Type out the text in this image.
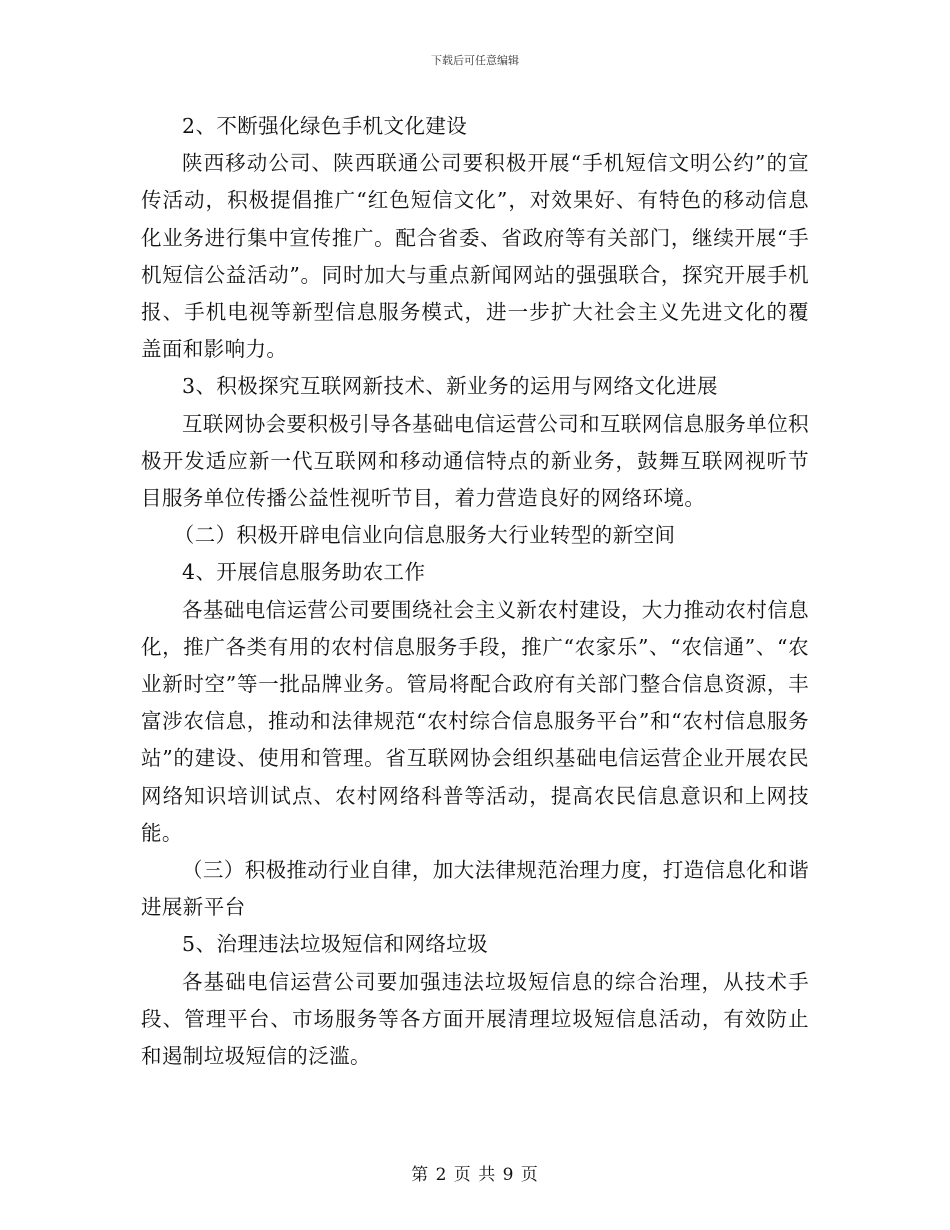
下载后可任意编辑

2、不断强化绿色手机文化建设

陕西移动公司、陕西联通公司要积极开展“手机短信文明公约”的宣传活动，积极提倡推广“红色短信文化”，对效果好、有特色的移动信息化业务进行集中宣传推广。配合省委、省政府等有关部门，继续开展“手机短信公益活动”。同时加大与重点新闻网站的强强联合，探究开展手机报、手机电视等新型信息服务模式，进一步扩大社会主义先进文化的覆盖面和影响力。

3、积极探究互联网新技术、新业务的运用与网络文化进展

互联网协会要积极引导各基础电信运营公司和互联网信息服务单位积极开发适应新一代互联网和移动通信特点的新业务，鼓舞互联网视听节目服务单位传播公益性视听节目，着力营造良好的网络环境。

（二）积极开辟电信业向信息服务大行业转型的新空间

4、开展信息服务助农工作

各基础电信运营公司要围绕社会主义新农村建设，大力推动农村信息化，推广各类有用的农村信息服务手段，推广“农家乐”、“农信通”、“农业新时空”等一批品牌业务。管局将配合政府有关部门整合信息资源，丰富涉农信息，推动和法律规范“农村综合信息服务平台”和“农村信息服务站”的建设、使用和管理。省互联网协会组织基础电信运营企业开展农民网络知识培训试点、农村网络科普等活动，提高农民信息意识和上网技能。

（三）积极推动行业自律，加大法律规范治理力度，打造信息化和谐进展新平台

5、治理违法垃圾短信和网络垃圾

各基础电信运营公司要加强违法垃圾短信息的综合治理，从技术手段、管理平台、市场服务等各方面开展清理垃圾短信息活动，有效防止和遏制垃圾短信的泛滥。

第 2 页 共 9 页
